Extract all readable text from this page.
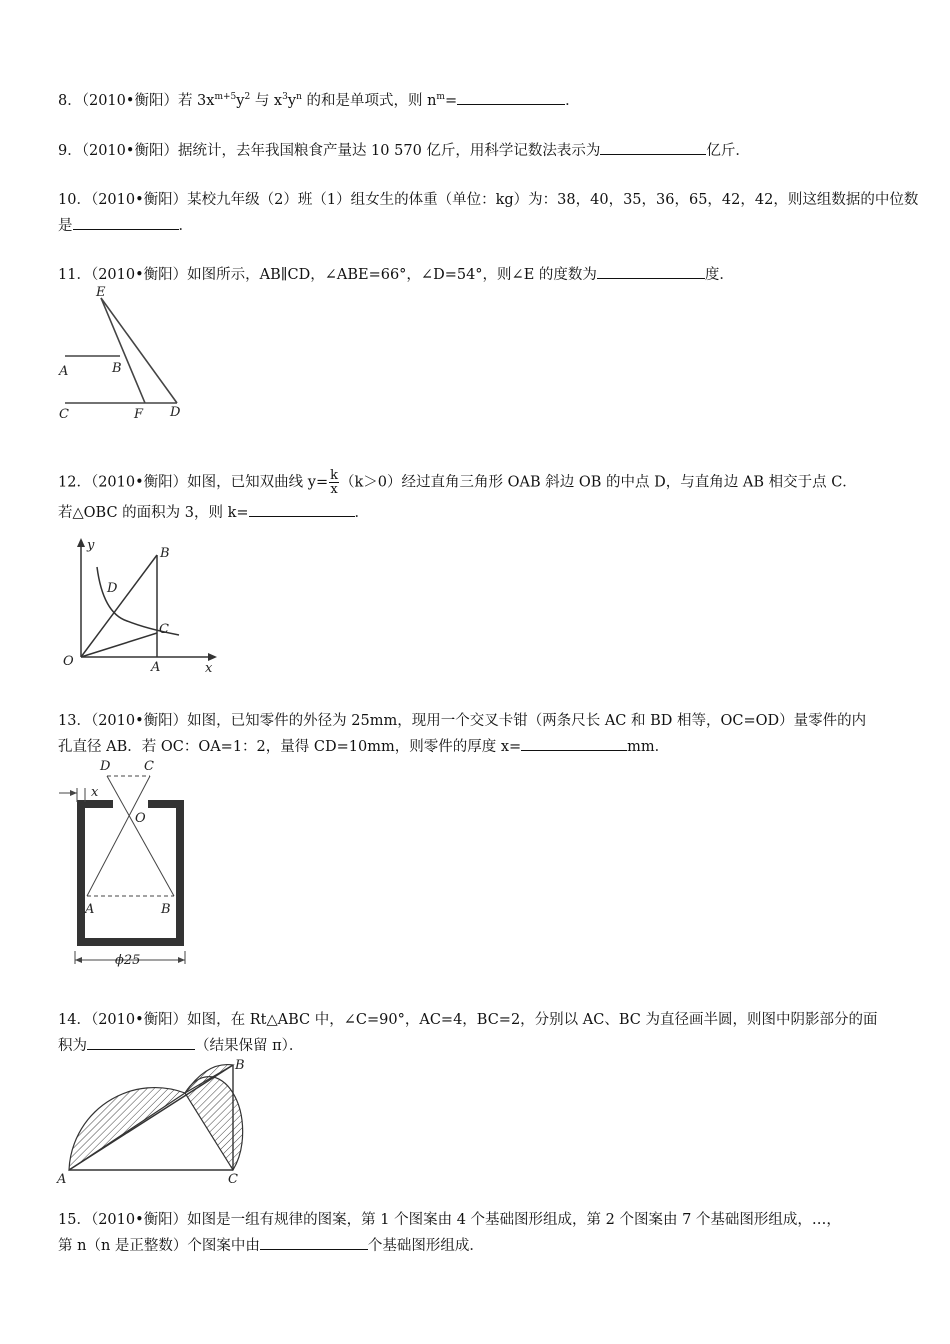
8．（2010•衡阳）若 $3x^{m+5}y^2$ 与 $x^3y^n$ 的和是单项式，则 $n^m=$	．
9．（2010•衡阳）据统计，去年我国粮食产量达 10 570 亿斤，用科学记数法表示为	亿斤．
10．（2010•衡阳）某校九年级（2）班（1）组女生的体重（单位：kg）为：38，40，35，36，65，42，42，则这组数据的中位数
是	．
11．（2010•衡阳）如图所示，AB∥CD，∠ABE=66°，∠D=54°，则∠E 的度数为	度．
E
A	B
C	F D
12．（2010•衡阳）如图，已知双曲线 $y= \frac{k}{x} (k>0)$经过直角三角形 OAB 斜边 OB 的中点 D，与直角边 AB 相交于点 C．
若△OBC 的面积为 3，则 k=	．
y
B
D
C
O	A	x
13．（2010•衡阳）如图，已知零件的外径为 25mm，现用一个交叉卡钳（两条尺长 AC 和 BD 相等，OC=OD）量零件的内
孔直径 AB．若 OC：OA=1：2，量得 CD=10mm，则零件的厚度 x=	mm．
D	C
x
O
A	B
ϕ25
14．（2010•衡阳）如图，在 Rt△ABC 中，∠C=90°，AC=4，BC=2，分别以 AC、BC 为直径画半圆，则图中阴影部分的面
积为	（结果保留 π）．
B
A	C
15．（2010•衡阳）如图是一组有规律的图案，第 1 个图案由 4 个基础图形组成，第 2 个图案由 7 个基础图形组成，…，
第 n（n 是正整数）个图案中由	个基础图形组成．
